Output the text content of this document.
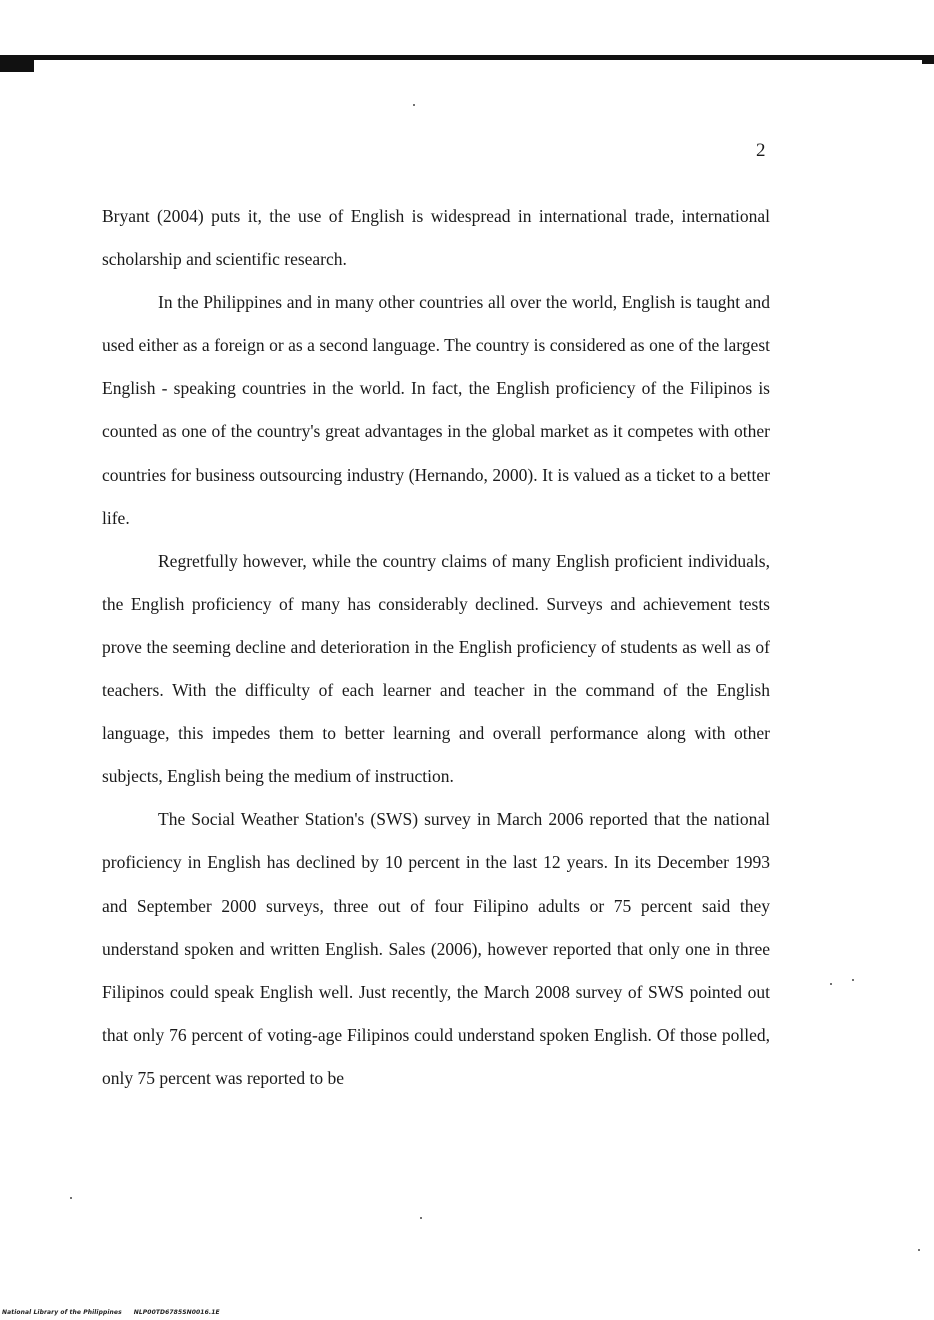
2

Bryant (2004) puts it, the use of English is widespread in international trade, international scholarship and scientific research.

In the Philippines and in many other countries all over the world, English is taught and used either as a foreign or as a second language. The country is considered as one of the largest English - speaking countries in the world. In fact, the English proficiency of the Filipinos is counted as one of the country's great advantages in the global market as it competes with other countries for business outsourcing industry (Hernando, 2000). It is valued as a ticket to a better life.

Regretfully however, while the country claims of many English proficient individuals, the English proficiency of many has considerably declined. Surveys and achievement tests prove the seeming decline and deterioration in the English proficiency of students as well as of teachers. With the difficulty of each learner and teacher in the command of the English language, this impedes them to better learning and overall performance along with other subjects, English being the medium of instruction.

The Social Weather Station's (SWS) survey in March 2006 reported that the national proficiency in English has declined by 10 percent in the last 12 years. In its December 1993 and September 2000 surveys, three out of four Filipino adults or 75 percent said they understand spoken and written English. Sales (2006), however reported that only one in three Filipinos could speak English well. Just recently, the March 2008 survey of SWS pointed out that only 76 percent of voting-age Filipinos could understand spoken English. Of those polled, only 75 percent was reported to be

National Library of the Philippines NLP00TD6785SN0016.1E
